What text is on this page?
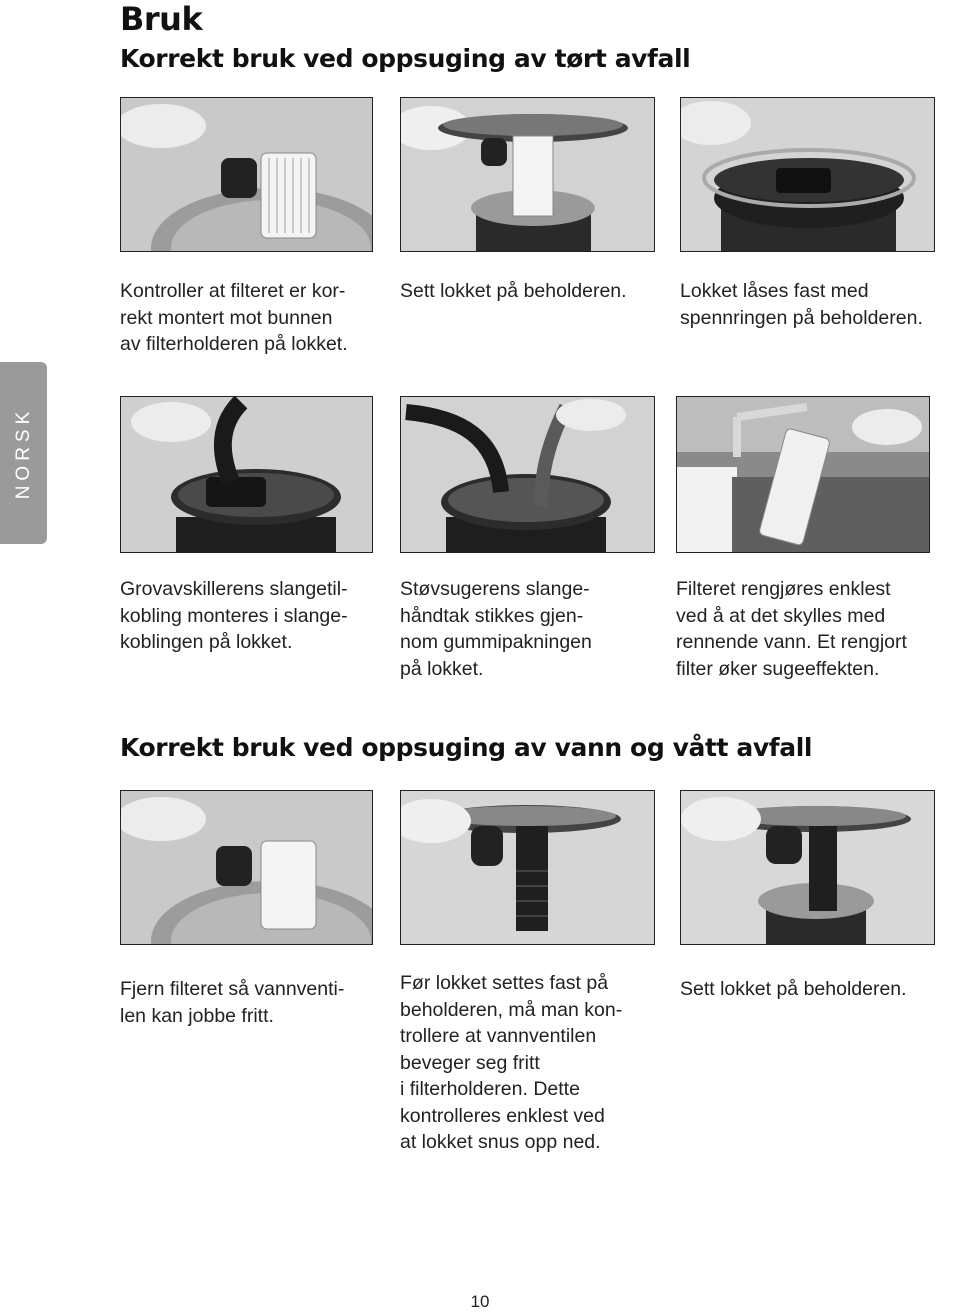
Bruk
Korrekt bruk ved oppsuging av tørt avfall
NORSK

Kontroller at filteret er kor-
rekt montert mot bunnen
av filterholderen på lokket.

Sett lokket på beholderen.	Lokket låses fast med
spennringen på beholderen.

Grovavskillerens slangetil-
kobling monteres i slange-
koblingen på lokket.

Støvsugerens slange-
håndtak stikkes gjen-
nom gummipakningen
på lokket.

Filteret rengjøres enklest
ved å at det skylles med
rennende vann. Et rengjort
filter øker sugeeffekten.

Korrekt bruk ved oppsuging av vann og vått avfall

Fjern filteret så vannventi-
len kan jobbe fritt.

Før lokket settes fast på
beholderen, må man kon-
trollere at vannventilen
beveger seg fritt
i filterholderen. Dette
kontrolleres enklest ved
at lokket snus opp ned.

Sett lokket på beholderen.

10
